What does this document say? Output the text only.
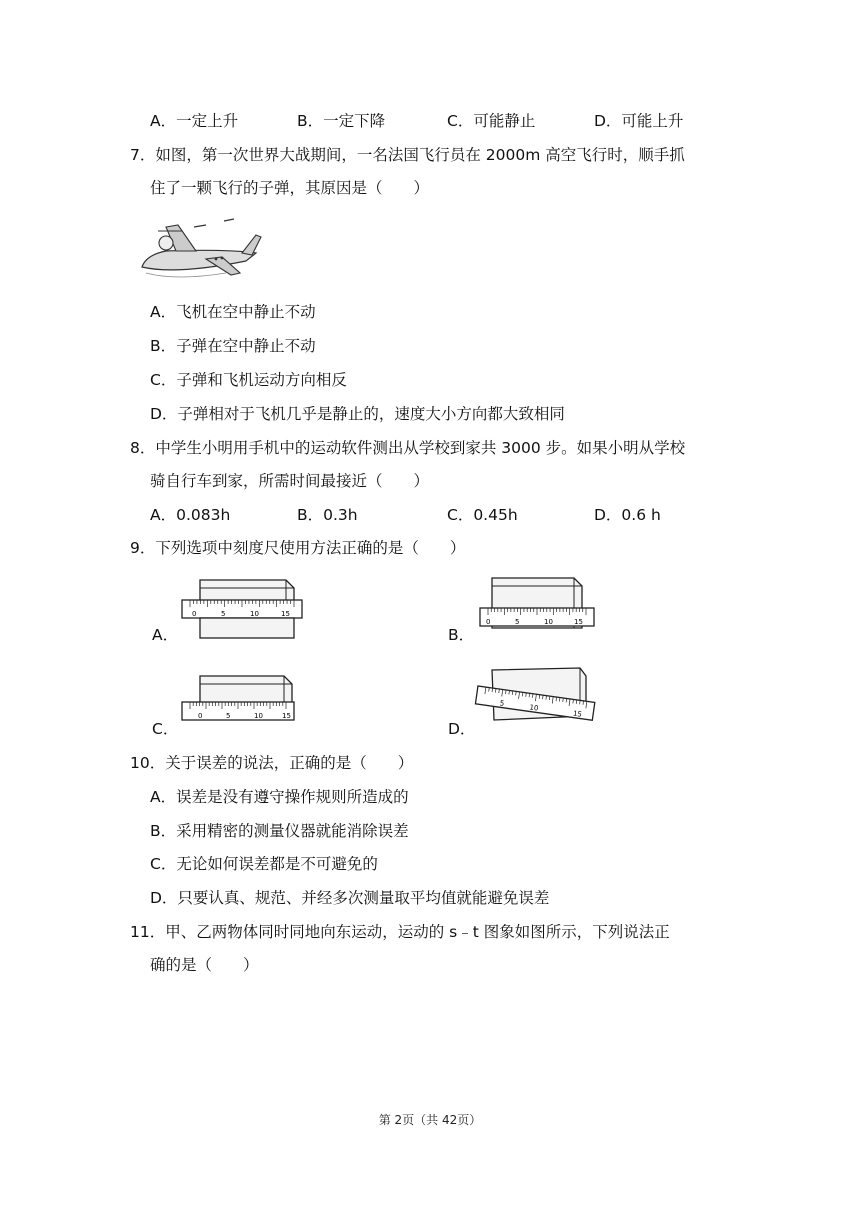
A．一定上升	B．一定下降	C．可能静止	D．可能上升
7．如图，第一次世界大战期间，一名法国飞行员在 2000m 高空飞行时，顺手抓
住了一颗飞行的子弹，其原因是（　　）
A．飞机在空中静止不动
B．子弹在空中静止不动
C．子弹和飞机运动方向相反
D．子弹相对于飞机几乎是静止的，速度大小方向都大致相同
8．中学生小明用手机中的运动软件测出从学校到家共 3000 步。如果小明从学校
骑自行车到家，所需时间最接近（　　）
A．0.083h	B．0.3h	C．0.45h	D．0.6 h
9．下列选项中刻度尺使用方法正确的是（　　）
0	5	10	15
A．
0	5	10	15
B．
0	5	10	15
C．
5	10
15
D．
10．关于误差的说法，正确的是（　　）
A．误差是没有遵守操作规则所造成的
B．采用精密的测量仪器就能消除误差
C．无论如何误差都是不可避免的
D．只要认真、规范、并经多次测量取平均值就能避免误差
11．甲、乙两物体同时同地向东运动，运动的 s﹣t 图象如图所示，下列说法正
确的是（　　）
第 2页（共 42页）
